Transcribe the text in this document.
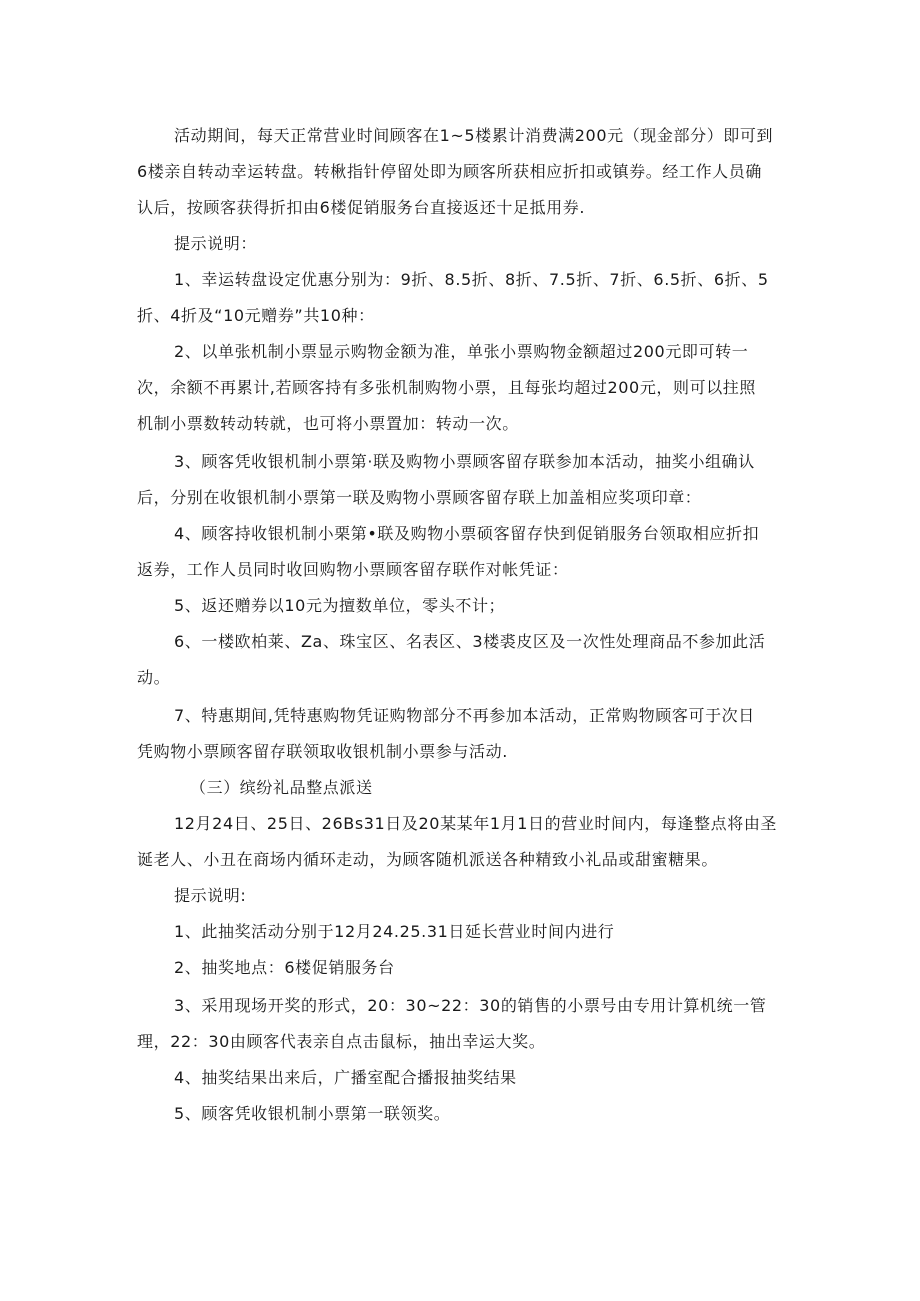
活动期间，每天正常营业时间顾客在1~5楼累计消费满200元（现金部分）即可到
6楼亲自转动幸运转盘。转楸指针停留处即为顾客所获相应折扣或镇券。经工作人员确
认后，按顾客获得折扣由6楼促销服务台直接返还十足抵用券.
提示说明：
1、幸运转盘设定优惠分别为：9折、8.5折、8折、7.5折、7折、6.5折、6折、5
折、4折及“10元赠券”共10种：
2、以单张机制小票显示购物金额为准，单张小票购物金额超过200元即可转一
次，余额不再累计,若顾客持有多张机制购物小票，且每张均超过200元，则可以拄照
机制小票数转动转就，也可将小票置加：转动一次。
3、顾客凭收银机制小票第·联及购物小票顾客留存联参加本活动，抽奖小组确认
后，分别在收银机制小票第一联及购物小票顾客留存联上加盖相应奖项印章：
4、顾客持收银机制小栗第•联及购物小票硕客留存快到促销服务台领取相应折扣
返券，工作人员同时收回购物小票顾客留存联作对帐凭证：
5、返还赠券以10元为擅数单位，零头不计；
6、一楼欧柏莱、Za、珠宝区、名表区、3楼裘皮区及一次性处理商品不参加此活
动。
7、特惠期间,凭特惠购物凭证购物部分不再参加本活动，正常购物顾客可于次日
凭购物小票顾客留存联领取收银机制小票参与活动.
（三）缤纷礼品整点派送
12月24日、25日、26Bs31日及20某某年1月1日的营业时间内，每逢整点将由圣
诞老人、小丑在商场内循环走动，为顾客随机派送各种精致小礼品或甜蜜糖果。
提示说明:
1、此抽奖活动分别于12月24.25.31日延长营业时间内进行
2、抽奖地点：6楼促销服务台
3、采用现场开奖的形式，20：30~22：30的销售的小票号由专用计算机统一管
理，22：30由顾客代表亲自点击鼠标，抽出幸运大奖。
4、抽奖结果出来后，广播室配合播报抽奖结果
5、顾客凭收银机制小票第一联领奖。
